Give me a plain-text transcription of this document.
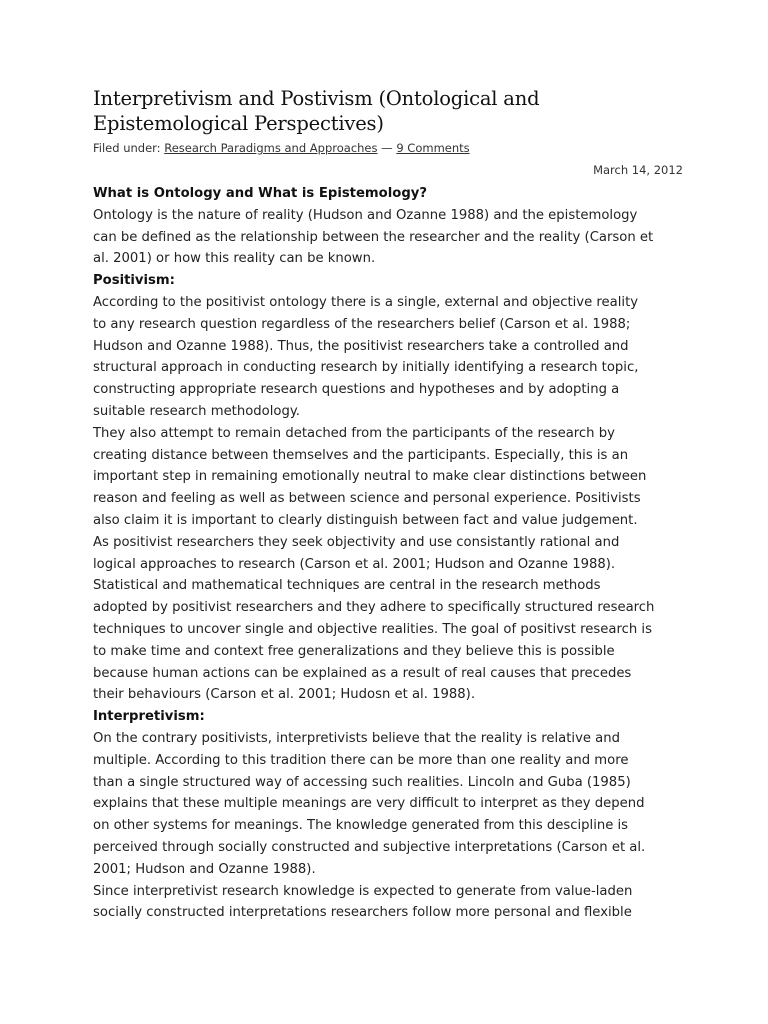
Interpretivism and Postivism (Ontological and
Epistemological Perspectives)
Filed under: Research Paradigms and Approaches — 9 Comments
March 14, 2012

What is Ontology and What is Epistemology?

Ontology is the nature of reality (Hudson and Ozanne 1988) and the epistemology
can be defined as the relationship between the researcher and the reality (Carson et
al. 2001) or how this reality can be known.

Positivism:

According to the positivist ontology there is a single, external and objective reality
to any research question regardless of the researchers belief (Carson et al. 1988;
Hudson and Ozanne 1988). Thus, the positivist researchers take a controlled and
structural approach in conducting research by initially identifying a research topic,
constructing appropriate research questions and hypotheses and by adopting a
suitable research methodology.

They also attempt to remain detached from the participants of the research by
creating distance between themselves and the participants. Especially, this is an
important step in remaining emotionally neutral to make clear distinctions between
reason and feeling as well as between science and personal experience. Positivists
also claim it is important to clearly distinguish between fact and value judgement.
As positivist researchers they seek objectivity and use consistantly rational and
logical approaches to research (Carson et al. 2001; Hudson and Ozanne 1988).
Statistical and mathematical techniques are central in the research methods
adopted by positivist researchers and they adhere to specifically structured research
techniques to uncover single and objective realities. The goal of positivst research is
to make time and context free generalizations and they believe this is possible
because human actions can be explained as a result of real causes that precedes
their behaviours (Carson et al. 2001; Hudosn et al. 1988).

Interpretivism:

On the contrary positivists, interpretivists believe that the reality is relative and
multiple. According to this tradition there can be more than one reality and more
than a single structured way of accessing such realities. Lincoln and Guba (1985)
explains that these multiple meanings are very difficult to interpret as they depend
on other systems for meanings. The knowledge generated from this descipline is
perceived through socially constructed and subjective interpretations (Carson et al.
2001; Hudson and Ozanne 1988).

Since interpretivist research knowledge is expected to generate from value-laden
socially constructed interpretations researchers follow more personal and flexible
